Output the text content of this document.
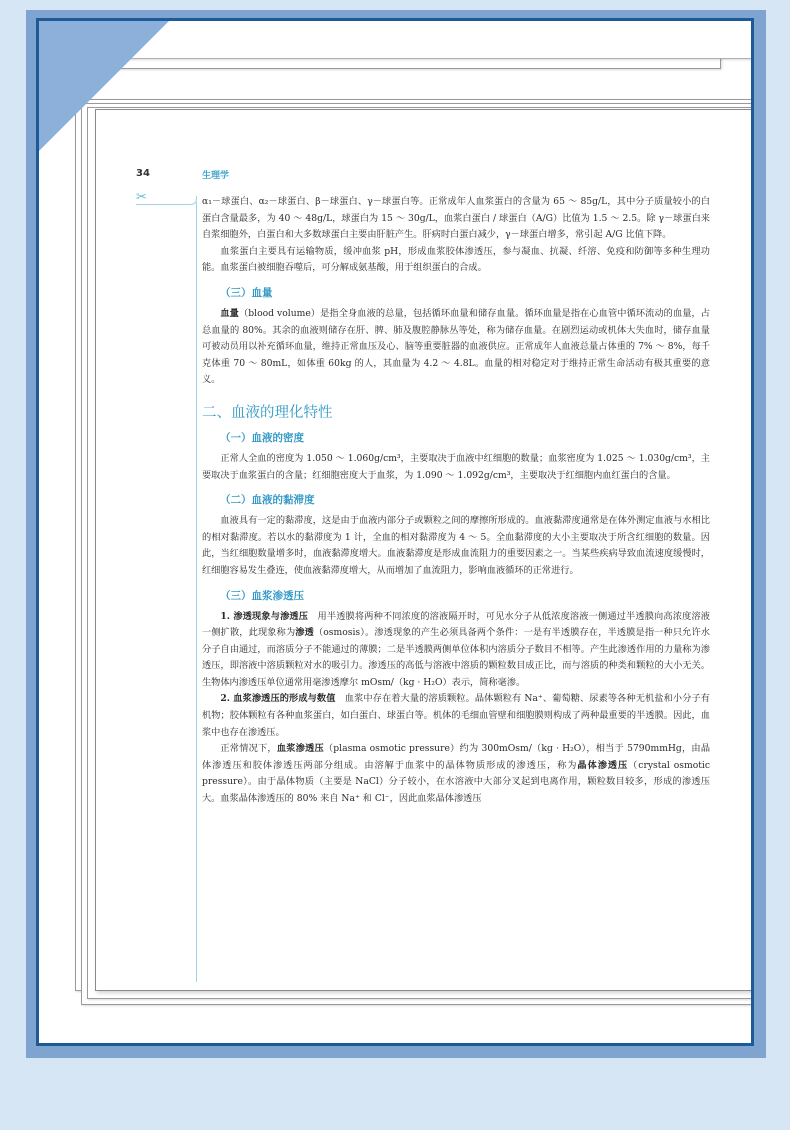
34	生理学
✂	α₁－球蛋白、α₂－球蛋白、β－球蛋白、γ－球蛋白等。正常成年人血浆蛋白的含量为 65 ～ 85g/L，其中分子质量较小的白蛋白含量最多，为 40 ～ 48g/L，球蛋白为 15 ～ 30g/L，血浆白蛋白 / 球蛋白（A/G）比值为 1.5 ～ 2.5。除 γ－球蛋白来自浆细胞外，白蛋白和大多数球蛋白主要由肝脏产生。肝病时白蛋白减少，γ－球蛋白增多，常引起 A/G 比值下降。

血浆蛋白主要具有运输物质，缓冲血浆 pH，形成血浆胶体渗透压，参与凝血、抗凝、纤溶、免疫和防御等多种生理功能。血浆蛋白被细胞吞噬后，可分解成氨基酸，用于组织蛋白的合成。

（三）血量

血量（blood volume）是指全身血液的总量，包括循环血量和储存血量。循环血量是指在心血管中循环流动的血量，占总血量的 80%。其余的血液则储存在肝、脾、肺及腹腔静脉丛等处，称为储存血量。在剧烈运动或机体大失血时，储存血量可被动员用以补充循环血量，维持正常血压及心、脑等重要脏器的血液供应。正常成年人血液总量占体重的 7% ～ 8%，每千克体重 70 ～ 80mL，如体重 60kg 的人，其血量为 4.2 ～ 4.8L。血量的相对稳定对于维持正常生命活动有极其重要的意义。

二、血液的理化特性
（一）血液的密度

正常人全血的密度为 1.050 ～ 1.060g/cm³，主要取决于血液中红细胞的数量；血浆密度为 1.025 ～ 1.030g/cm³，主要取决于血浆蛋白的含量；红细胞密度大于血浆，为 1.090 ～ 1.092g/cm³，主要取决于红细胞内血红蛋白的含量。

（二）血液的黏滞度

血液具有一定的黏滞度，这是由于血液内部分子或颗粒之间的摩擦所形成的。血液黏滞度通常是在体外测定血液与水相比的相对黏滞度。若以水的黏滞度为 1 计，全血的相对黏滞度为 4 ～ 5。全血黏滞度的大小主要取决于所含红细胞的数量。因此，当红细胞数量增多时，血液黏滞度增大。血液黏滞度是形成血流阻力的重要因素之一。当某些疾病导致血流速度缓慢时，红细胞容易发生叠连，使血液黏滞度增大，从而增加了血流阻力，影响血液循环的正常进行。

（三）血浆渗透压

1. 渗透现象与渗透压　用半透膜将两种不同浓度的溶液隔开时，可见水分子从低浓度溶液一侧通过半透膜向高浓度溶液一侧扩散，此现象称为渗透（osmosis）。渗透现象的产生必须具备两个条件：一是有半透膜存在，半透膜是指一种只允许水分子自由通过，而溶质分子不能通过的薄膜；二是半透膜两侧单位体积内溶质分子数目不相等。产生此渗透作用的力量称为渗透压，即溶液中溶质颗粒对水的吸引力。渗透压的高低与溶液中溶质的颗粒数目成正比，而与溶质的种类和颗粒的大小无关。生物体内渗透压单位通常用毫渗透摩尔 mOsm/（kg · H₂O）表示，简称毫渗。

2. 血浆渗透压的形成与数值　血浆中存在着大量的溶质颗粒。晶体颗粒有 Na⁺、葡萄糖、尿素等各种无机盐和小分子有机物；胶体颗粒有各种血浆蛋白，如白蛋白、球蛋白等。机体的毛细血管壁和细胞膜则构成了两种最重要的半透膜。因此，血浆中也存在渗透压。

正常情况下，血浆渗透压（plasma osmotic pressure）约为 300mOsm/（kg · H₂O），相当于 5790mmHg，由晶体渗透压和胶体渗透压两部分组成。由溶解于血浆中的晶体物质形成的渗透压，称为晶体渗透压（crystal osmotic pressure）。由于晶体物质（主要是 NaCl）分子较小，在水溶液中大部分叉起到电离作用，颗粒数目较多，形成的渗透压大。血浆晶体渗透压的 80% 来自 Na⁺ 和 Cl⁻，因此血浆晶体渗透压
